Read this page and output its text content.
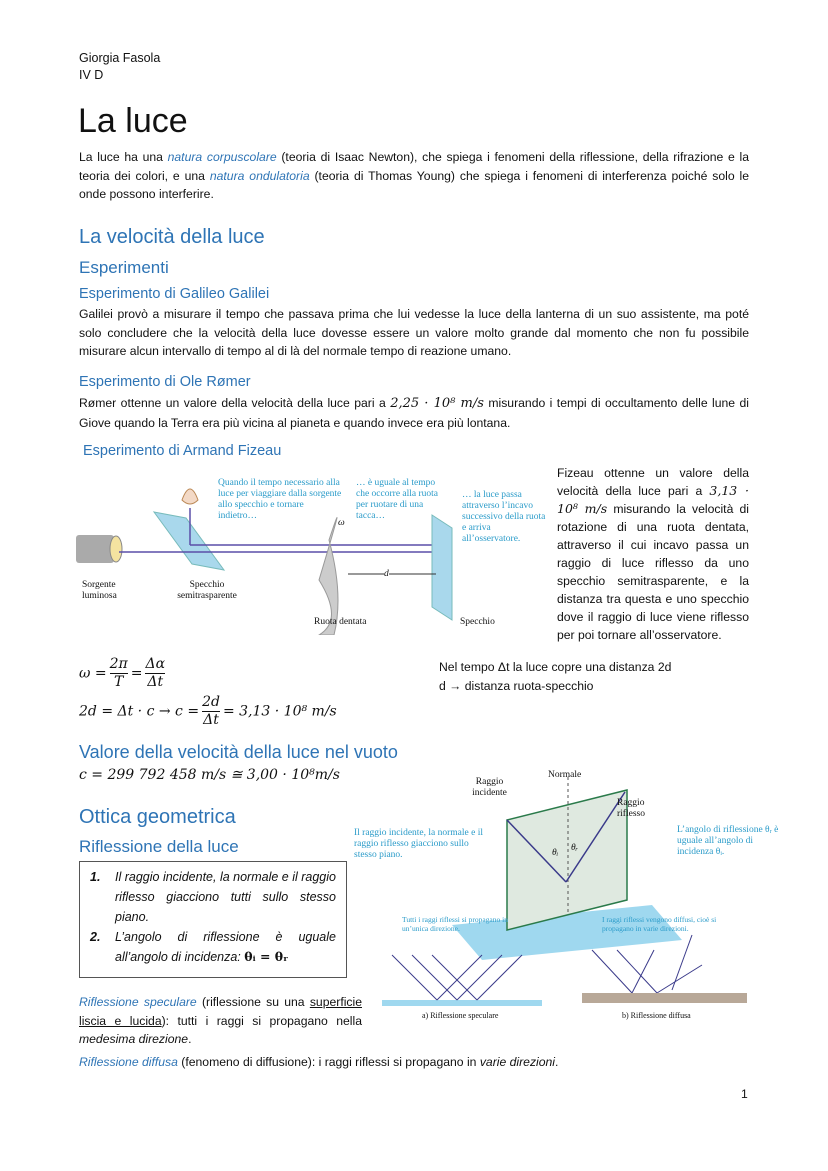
Giorgia Fasola
IV D
La luce
La luce ha una natura corpuscolare (teoria di Isaac Newton), che spiega i fenomeni della riflessione, della rifrazione e la teoria dei colori, e una natura ondulatoria (teoria di Thomas Young) che spiega i fenomeni di interferenza poiché solo le onde possono interferire.
La velocità della luce
Esperimenti
Esperimento di Galileo Galilei
Galilei provò a misurare il tempo che passava prima che lui vedesse la luce della lanterna di un suo assistente, ma poté solo concludere che la velocità della luce dovesse essere un valore molto grande dal momento che non fu possibile misurare alcun intervallo di tempo al di là del normale tempo di reazione umano.
Esperimento di Ole Rømer
Rømer ottenne un valore della velocità della luce pari a 2,25 · 10⁸ m/s misurando i tempi di occultamento delle lune di Giove quando la Terra era più vicina al pianeta e quando invece era più lontana.
Esperimento di Armand Fizeau
Quando il tempo necessario alla luce per viaggiare dalla sorgente allo specchio e tornare indietro…
… è uguale al tempo che occorre alla ruota per ruotare di una tacca…
… la luce passa attraverso l’incavo successivo della ruota e arriva all’osservatore.
ω
d
Sorgente luminosa
Specchio semitrasparente
Ruota dentata	Specchio
Fizeau ottenne un valore della velocità della luce pari a 3,13 · 10⁸ m/s misurando la velocità di rotazione di una ruota dentata, attraverso il cui incavo passa un raggio di luce riflesso da uno specchio semitrasparente, e la distanza tra questa e uno specchio dove il raggio di luce viene riflesso per poi tornare all’osservatore.
$\omega = \frac{2\pi}{T} = \frac{\Delta\alpha}{\Delta t}$
$2d = \Delta t \cdot c \to c = \frac{2d}{\Delta t} = 3,13 \cdot 10^8$ m/s
Nel tempo Δt la luce copre una distanza 2d
d → distanza ruota-specchio
Valore della velocità della luce nel vuoto
c = 299 792 458 m/s ≅ 3,00 · 10⁸m/s
Ottica geometrica
Riflessione della luce
1.	Il raggio incidente, la normale e il raggio riflesso giacciono tutti sullo stesso piano.
2.	L’angolo di riflessione è uguale all’angolo di incidenza: θᵢ = θᵣ
Riflessione speculare (riflessione su una superficie liscia e lucida): tutti i raggi si propagano nella medesima direzione.
Riflessione diffusa (fenomeno di diffusione): i raggi riflessi si propagano in varie direzioni.
Raggio incidente
Normale
Raggio riflesso
Il raggio incidente, la normale e il raggio riflesso giacciono sullo stesso piano.
L’angolo di riflessione θᵣ è uguale all’angolo di incidenza θᵢ.
θᵢ θᵣ
Tutti i raggi riflessi si propagano in un’unica direzione.
I raggi riflessi vengono diffusi, cioè si propagano in varie direzioni.
a) Riflessione speculare	b) Riflessione diffusa
1
